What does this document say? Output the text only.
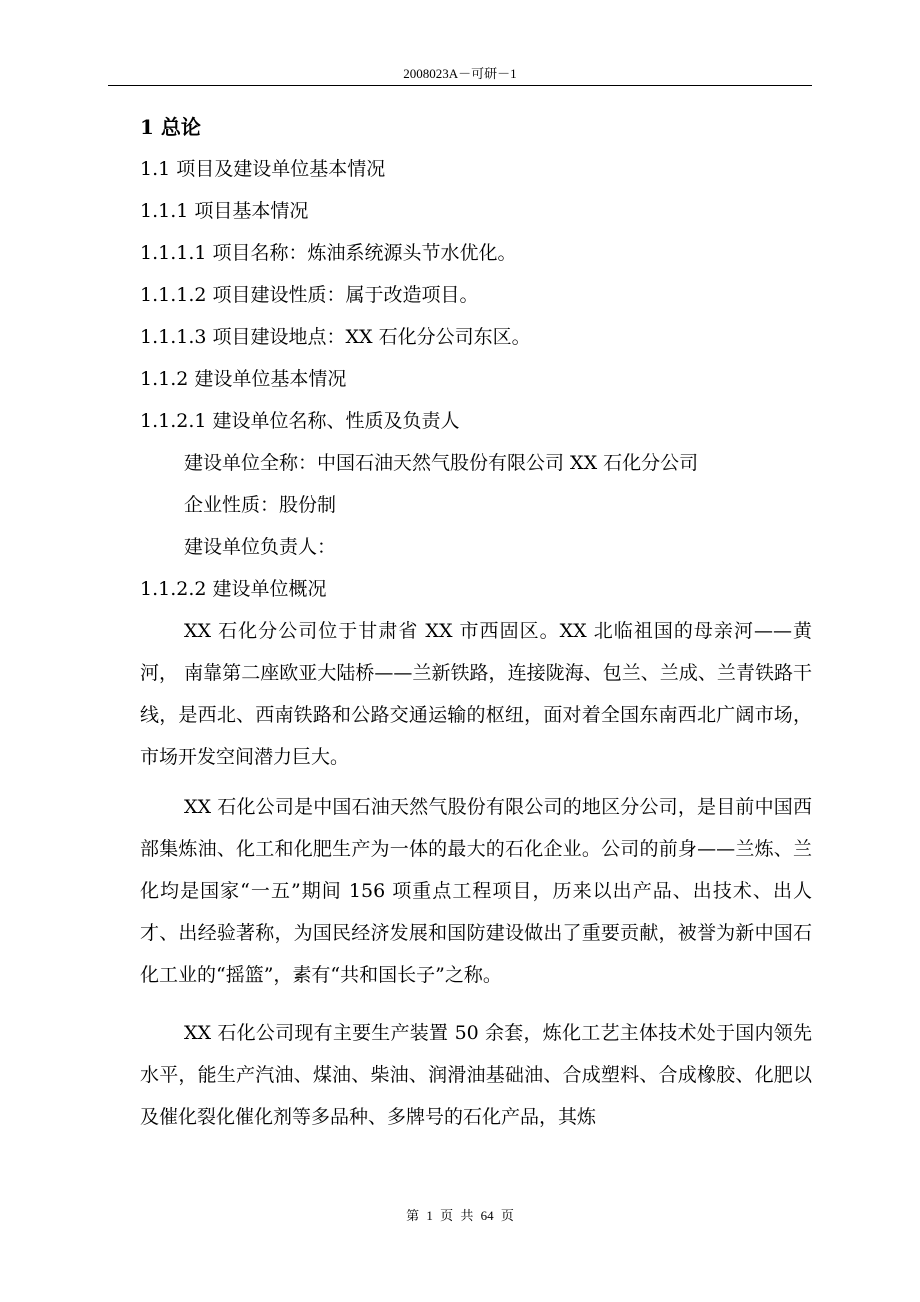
2008023A－可研－1
1 总论
1.1 项目及建设单位基本情况
1.1.1 项目基本情况
1.1.1.1 项目名称：炼油系统源头节水优化。
1.1.1.2 项目建设性质：属于改造项目。
1.1.1.3 项目建设地点：XX 石化分公司东区。
1.1.2 建设单位基本情况
1.1.2.1 建设单位名称、性质及负责人
建设单位全称：中国石油天然气股份有限公司 XX 石化分公司
企业性质：股份制
建设单位负责人：
1.1.2.2 建设单位概况

XX 石化分公司位于甘肃省 XX 市西固区。XX 北临祖国的母亲河——黄河， 南靠第二座欧亚大陆桥——兰新铁路，连接陇海、包兰、兰成、兰青铁路干线，是西北、西南铁路和公路交通运输的枢纽，面对着全国东南西北广阔市场，市场开发空间潜力巨大。

XX 石化公司是中国石油天然气股份有限公司的地区分公司，是目前中国西部集炼油、化工和化肥生产为一体的最大的石化企业。公司的前身——兰炼、兰化均是国家“一五”期间 156 项重点工程项目，历来以出产品、出技术、出人才、出经验著称，为国民经济发展和国防建设做出了重要贡献，被誉为新中国石化工业的“摇篮”，素有“共和国长子”之称。

XX 石化公司现有主要生产装置 50 余套，炼化工艺主体技术处于国内领先水平，能生产汽油、煤油、柴油、润滑油基础油、合成塑料、合成橡胶、化肥以及催化裂化催化剂等多品种、多牌号的石化产品，其炼

第 1 页 共 64 页
